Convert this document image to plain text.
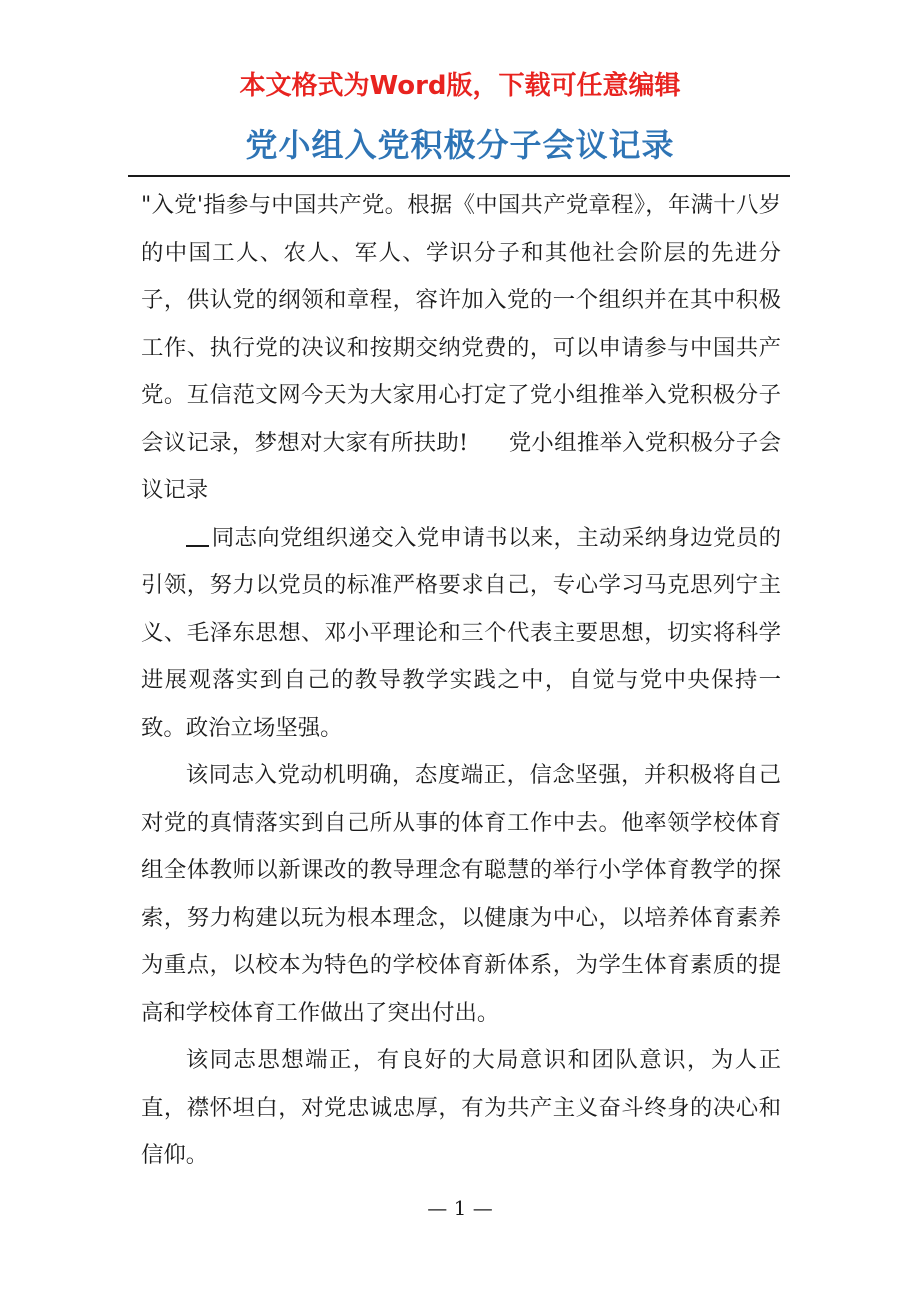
本文格式为Word版，下载可任意编辑
党小组入党积极分子会议记录

"入党'指参与中国共产党。根据《中国共产党章程》，年满十八岁的中国工人、农人、军人、学识分子和其他社会阶层的先进分子，供认党的纲领和章程，容许加入党的一个组织并在其中积极工作、执行党的决议和按期交纳党费的，可以申请参与中国共产党。互信范文网今天为大家用心打定了党小组推举入党积极分子会议记录，梦想对大家有所扶助! 党小组推举入党积极分子会议记录

同志向党组织递交入党申请书以来，主动采纳身边党员的引领，努力以党员的标准严格要求自己，专心学习马克思列宁主义、毛泽东思想、邓小平理论和三个代表主要思想，切实将科学进展观落实到自己的教导教学实践之中，自觉与党中央保持一致。政治立场坚强。

该同志入党动机明确，态度端正，信念坚强，并积极将自己对党的真情落实到自己所从事的体育工作中去。他率领学校体育组全体教师以新课改的教导理念有聪慧的举行小学体育教学的探索，努力构建以玩为根本理念，以健康为中心，以培养体育素养为重点，以校本为特色的学校体育新体系，为学生体育素质的提高和学校体育工作做出了突出付出。

该同志思想端正，有良好的大局意识和团队意识，为人正直，襟怀坦白，对党忠诚忠厚，有为共产主义奋斗终身的决心和信仰。

— 1 —
